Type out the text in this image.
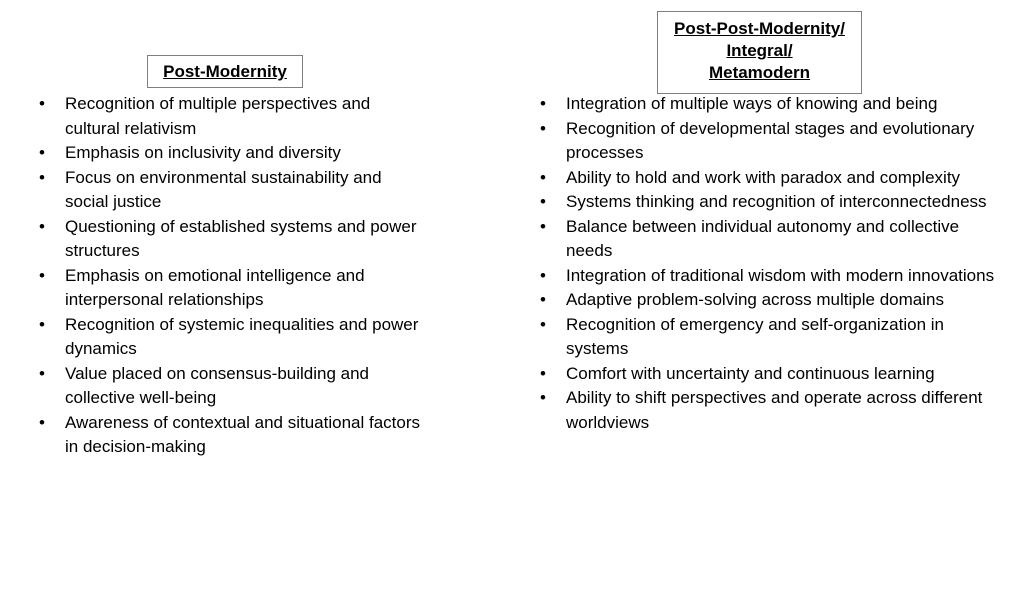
Post-Modernity
Post-Post-Modernity/
Integral/
Metamodern
• Recognition of multiple perspectives and cultural relativism
• Emphasis on inclusivity and diversity
• Focus on environmental sustainability and social justice
• Questioning of established systems and power structures
• Emphasis on emotional intelligence and interpersonal relationships
• Recognition of systemic inequalities and power dynamics
• Value placed on consensus-building and collective well-being
• Awareness of contextual and situational factors in decision-making
• Integration of multiple ways of knowing and being
• Recognition of developmental stages and evolutionary processes
• Ability to hold and work with paradox and complexity
• Systems thinking and recognition of interconnectedness
• Balance between individual autonomy and collective needs
• Integration of traditional wisdom with modern innovations
• Adaptive problem-solving across multiple domains
• Recognition of emergency and self-organization in systems
• Comfort with uncertainty and continuous learning
• Ability to shift perspectives and operate across different worldviews
